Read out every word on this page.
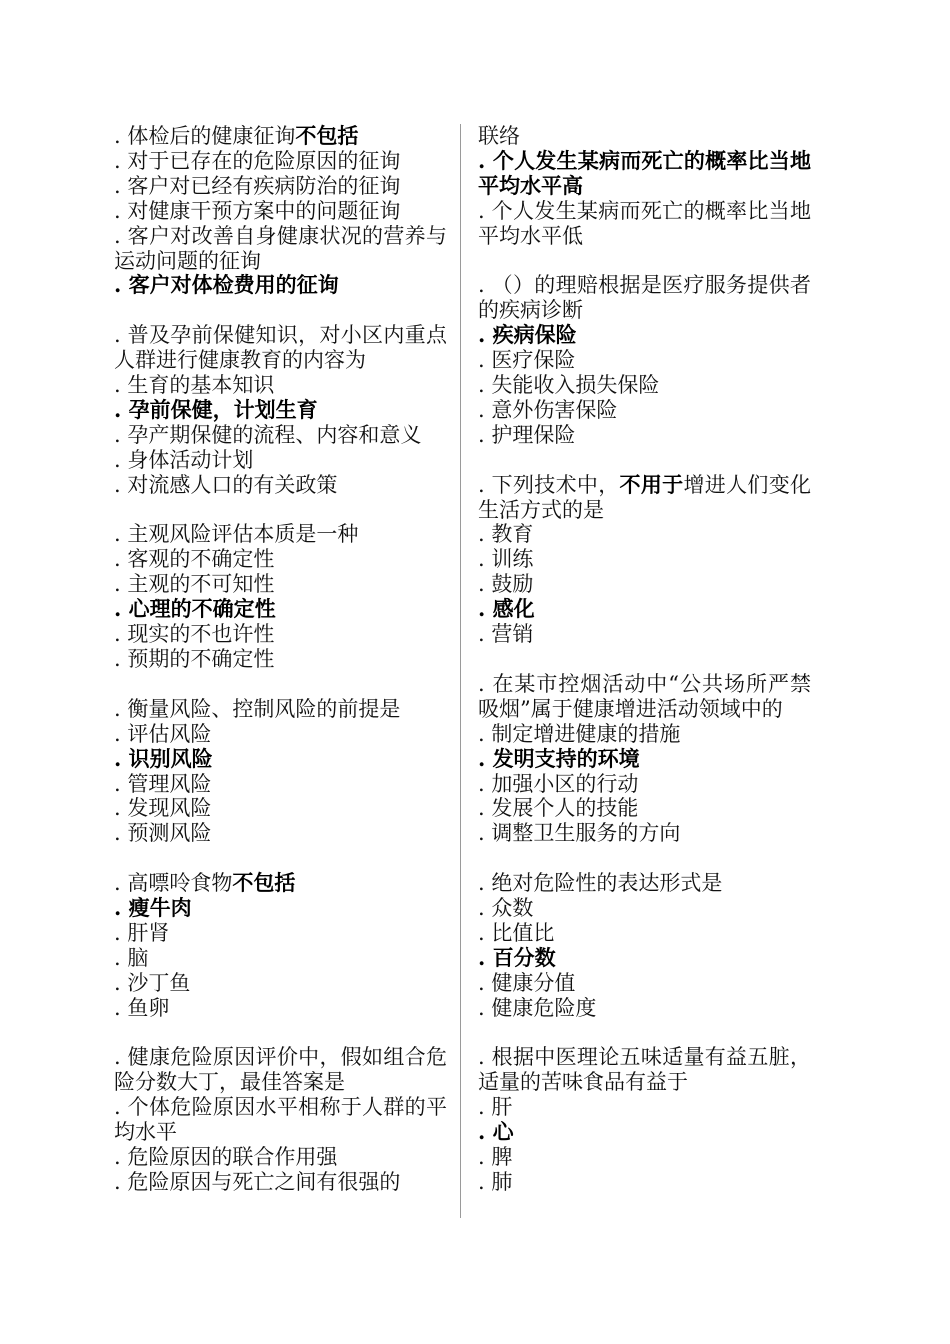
. 体检后的健康征询不包括
. 对于已存在的危险原因的征询
. 客户对已经有疾病防治的征询
. 对健康干预方案中的问题征询
. 客户对改善自身健康状况的营养与运动问题的征询
. 客户对体检费用的征询
. 普及孕前保健知识，对小区内重点人群进行健康教育的内容为
. 生育的基本知识
. 孕前保健，计划生育
. 孕产期保健的流程、内容和意义
. 身体活动计划
. 对流感人口的有关政策
. 主观风险评估本质是一种
. 客观的不确定性
. 主观的不可知性
. 心理的不确定性
. 现实的不也许性
. 预期的不确定性
. 衡量风险、控制风险的前提是
. 评估风险
. 识别风险
. 管理风险
. 发现风险
. 预测风险
. 高嘌呤食物不包括
. 瘦牛肉
. 肝肾
. 脑
. 沙丁鱼
. 鱼卵
. 健康危险原因评价中，假如组合危险分数大丁，最佳答案是
. 个体危险原因水平相称于人群的平均水平
. 危险原因的联合作用强
. 危险原因与死亡之间有很强的
联络
. 个人发生某病而死亡的概率比当地平均水平高
. 个人发生某病而死亡的概率比当地平均水平低
. （）的理赔根据是医疗服务提供者的疾病诊断
. 疾病保险
. 医疗保险
. 失能收入损失保险
. 意外伤害保险
. 护理保险
. 下列技术中，不用于增进人们变化生活方式的是
. 教育
. 训练
. 鼓励
. 感化
. 营销
. 在某市控烟活动中“公共场所严禁吸烟”属于健康增进活动领域中的
. 制定增进健康的措施
. 发明支持的环境
. 加强小区的行动
. 发展个人的技能
. 调整卫生服务的方向
. 绝对危险性的表达形式是
. 众数
. 比值比
. 百分数
. 健康分值
. 健康危险度
. 根据中医理论五味适量有益五脏，适量的苦味食品有益于
. 肝
. 心
. 脾
. 肺
